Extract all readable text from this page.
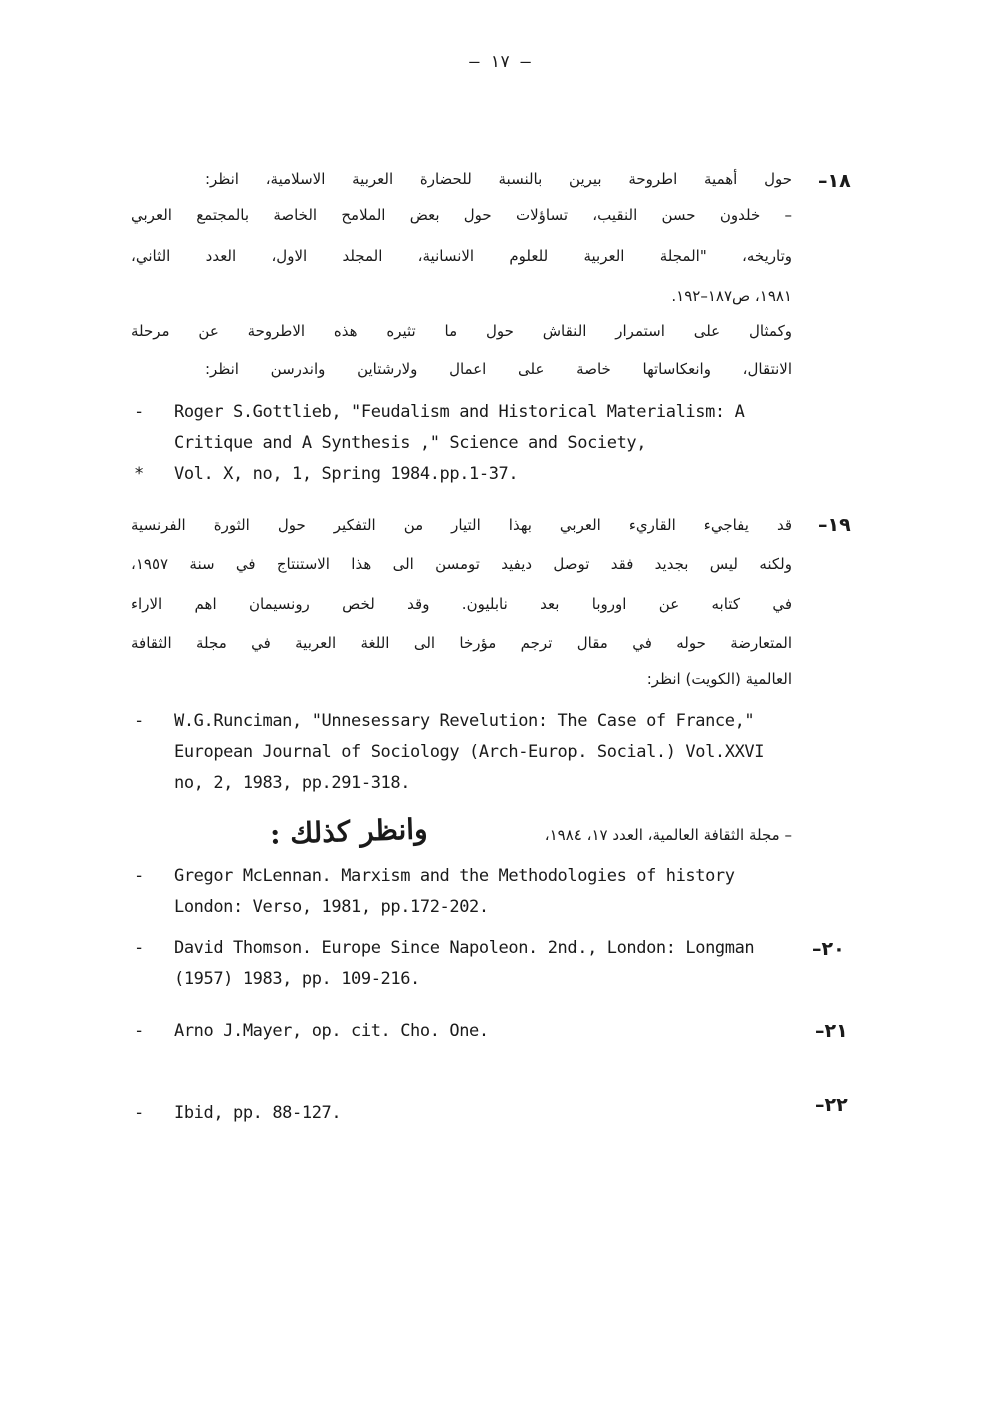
– ١٧ –
١٨–
حول أهمية اطروحة بيرين بالنسبة للحضارة العربية الاسلامية، انظر:
– خلدون حسن النقيب، تساؤلات حول بعض الملامح الخاصة بالمجتمع العربي
وتاريخه، "المجلة العربية للعلوم الانسانية، المجلد الاول، العدد الثاني،
١٩٨١، ص١٨٧–١٩٢.
وكمثال على استمرار النقاش حول ما تثيره هذه الاطروحة عن مرحلة
الانتقال، وانعكاساتها خاصة على اعمال ولارشتاين واندرسن انظر:
- Roger S.Gottlieb, "Feudalism and Historical Materialism: A
Critique and A Synthesis ," Science and Society,
* Vol. X, no, 1, Spring 1984.pp.1-37.
١٩–
قد يفاجيء القاريء العربي بهذا التيار من التفكير حول الثورة الفرنسية
ولكنه ليس بجديد فقد توصل ديفيد تومسن الى هذا الاستنتاج في سنة ١٩٥٧،
في كتابه عن اوروبا بعد نابليون. وقد لخص رونسيمان اهم الاراء
المتعارضة حوله في مقال ترجم مؤرخا الى اللغة العربية في مجلة الثقافة
العالمية (الكويت) انظر:
- W.G.Runciman, "Unnesessary Revelution: The Case of France,"
European Journal of Sociology (Arch-Europ. Social.) Vol.XXVI
no, 2, 1983, pp.291-318.
– مجلة الثقافة العالمية، العدد ١٧، ١٩٨٤،
وانظر كذلك :
- Gregor McLennan. Marxism and the Methodologies of history
London: Verso, 1981, pp.172-202.
٢٠–
- David Thomson. Europe Since Napoleon. 2nd., London: Longman
(1957) 1983, pp. 109-216.
٢١–
- Arno J.Mayer, op. cit. Cho. One.
٢٢–
- Ibid, pp. 88-127.
